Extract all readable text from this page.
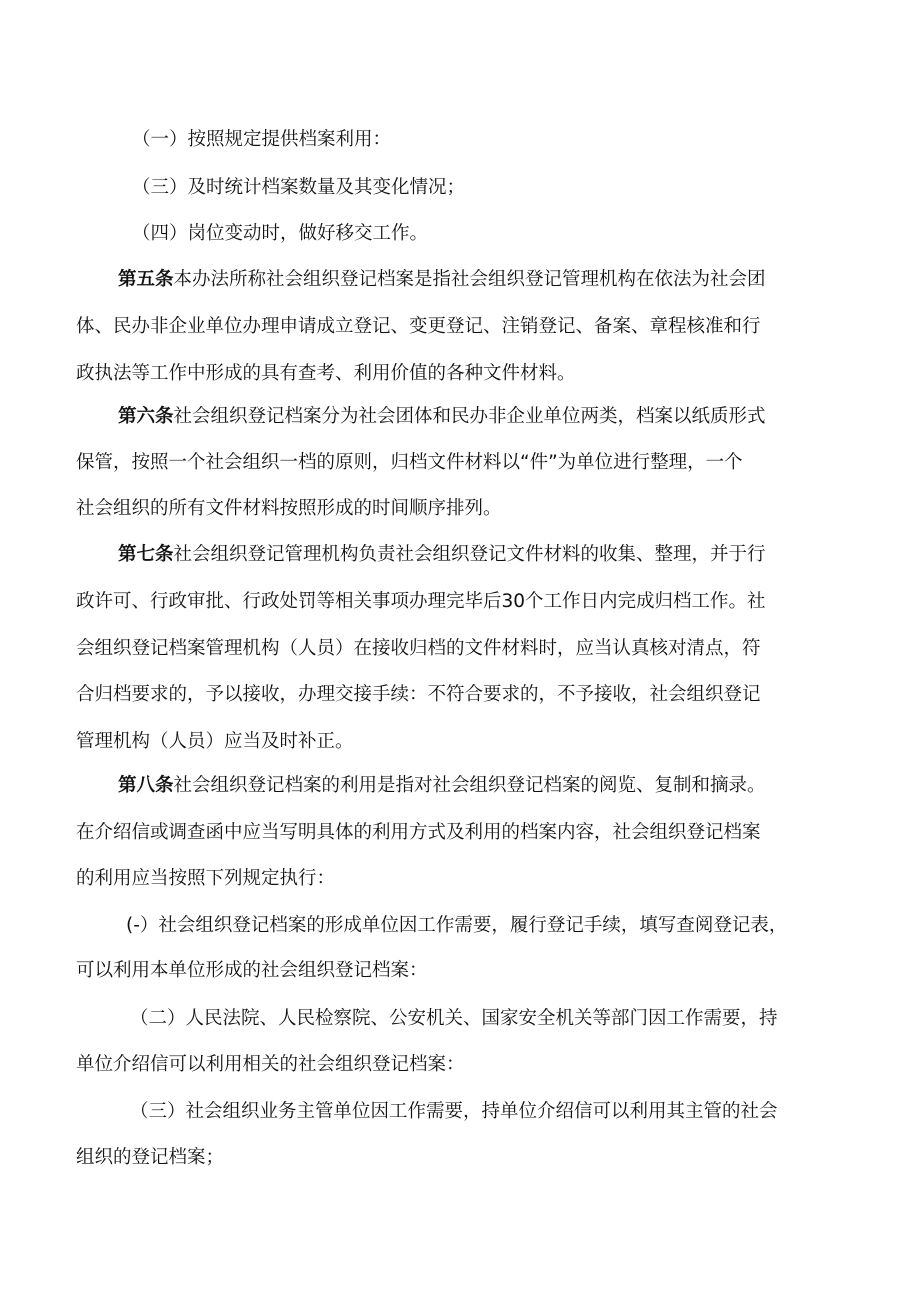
（一）按照规定提供档案利用：
（三）及时统计档案数量及其变化情况；
（四）岗位变动时，做好移交工作。
第五条本办法所称社会组织登记档案是指社会组织登记管理机构在依法为社会团
体、民办非企业单位办理申请成立登记、变更登记、注销登记、备案、章程核准和行
政执法等工作中形成的具有查考、利用价值的各种文件材料。
第六条社会组织登记档案分为社会团体和民办非企业单位两类，档案以纸质形式
保管，按照一个社会组织一档的原则，归档文件材料以“件”为单位进行整理，一个
社会组织的所有文件材料按照形成的时间顺序排列。
第七条社会组织登记管理机构负责社会组织登记文件材料的收集、整理，并于行
政许可、行政审批、行政处罚等相关事项办理完毕后30个工作日内完成归档工作。社
会组织登记档案管理机构（人员）在接收归档的文件材料时，应当认真核对清点，符
合归档要求的，予以接收，办理交接手续：不符合要求的，不予接收，社会组织登记
管理机构（人员）应当及时补正。
第八条社会组织登记档案的利用是指对社会组织登记档案的阅览、复制和摘录。
在介绍信或调查函中应当写明具体的利用方式及利用的档案内容，社会组织登记档案
的利用应当按照下列规定执行：
(-）社会组织登记档案的形成单位因工作需要，履行登记手续，填写查阅登记表，
可以利用本单位形成的社会组织登记档案：
（二）人民法院、人民检察院、公安机关、国家安全机关等部门因工作需要，持
单位介绍信可以利用相关的社会组织登记档案：
（三）社会组织业务主管单位因工作需要，持单位介绍信可以利用其主管的社会
组织的登记档案；
